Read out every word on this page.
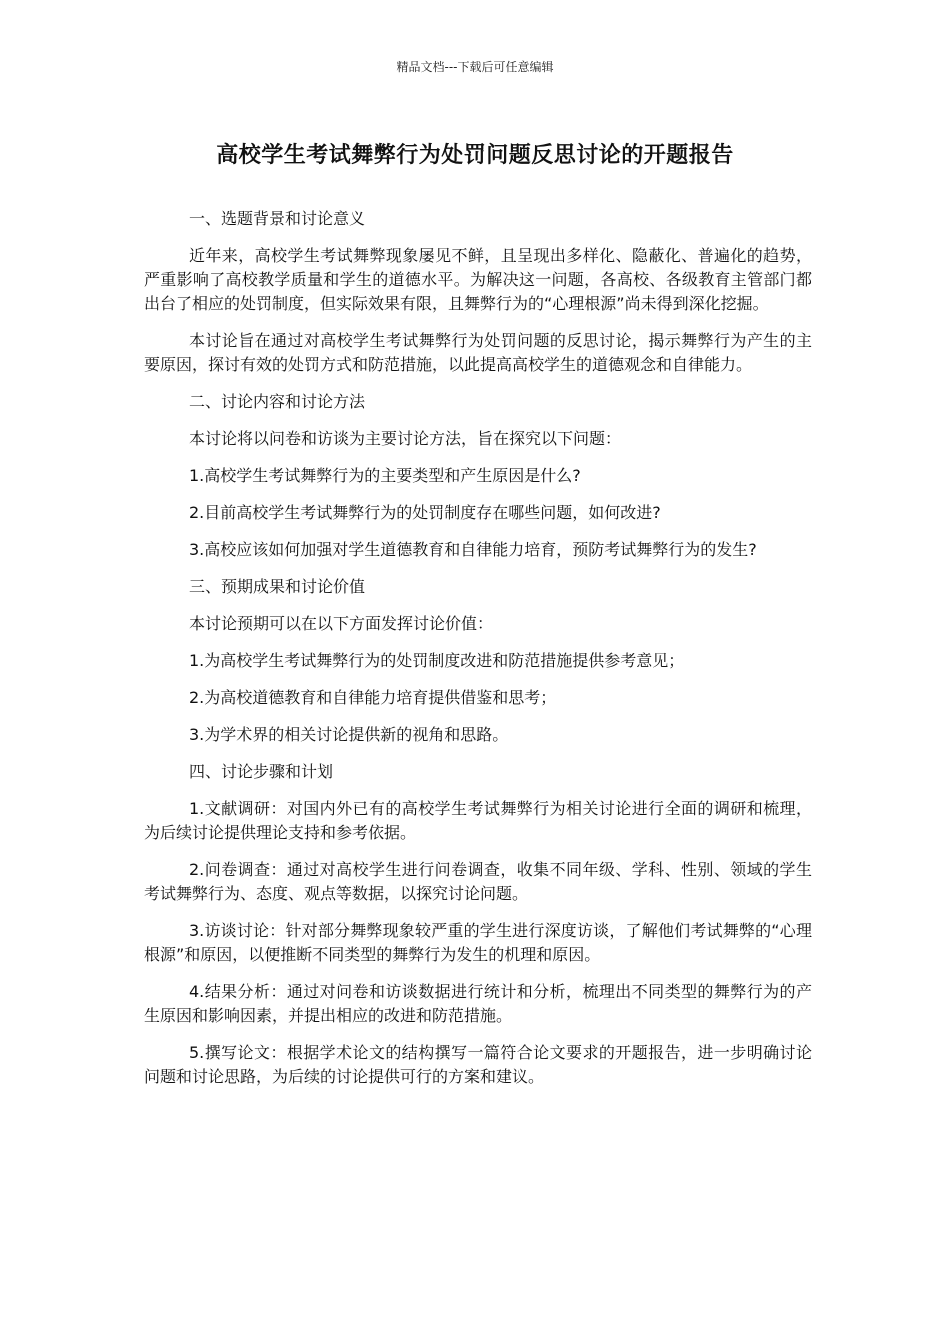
精品文档---下载后可任意编辑
高校学生考试舞弊行为处罚问题反思讨论的开题报告
一、选题背景和讨论意义
近年来，高校学生考试舞弊现象屡见不鲜，且呈现出多样化、隐蔽化、普遍化的趋势，严重影响了高校教学质量和学生的道德水平。为解决这一问题，各高校、各级教育主管部门都出台了相应的处罚制度，但实际效果有限，且舞弊行为的“心理根源”尚未得到深化挖掘。
本讨论旨在通过对高校学生考试舞弊行为处罚问题的反思讨论，揭示舞弊行为产生的主要原因，探讨有效的处罚方式和防范措施，以此提高高校学生的道德观念和自律能力。
二、讨论内容和讨论方法
本讨论将以问卷和访谈为主要讨论方法，旨在探究以下问题：
1.高校学生考试舞弊行为的主要类型和产生原因是什么?
2.目前高校学生考试舞弊行为的处罚制度存在哪些问题，如何改进?
3.高校应该如何加强对学生道德教育和自律能力培育，预防考试舞弊行为的发生?
三、预期成果和讨论价值
本讨论预期可以在以下方面发挥讨论价值：
1.为高校学生考试舞弊行为的处罚制度改进和防范措施提供参考意见；
2.为高校道德教育和自律能力培育提供借鉴和思考；
3.为学术界的相关讨论提供新的视角和思路。
四、讨论步骤和计划
1.文献调研：对国内外已有的高校学生考试舞弊行为相关讨论进行全面的调研和梳理，为后续讨论提供理论支持和参考依据。
2.问卷调查：通过对高校学生进行问卷调查，收集不同年级、学科、性别、领域的学生考试舞弊行为、态度、观点等数据，以探究讨论问题。
3.访谈讨论：针对部分舞弊现象较严重的学生进行深度访谈，了解他们考试舞弊的“心理根源”和原因，以便推断不同类型的舞弊行为发生的机理和原因。
4.结果分析：通过对问卷和访谈数据进行统计和分析，梳理出不同类型的舞弊行为的产生原因和影响因素，并提出相应的改进和防范措施。
5.撰写论文：根据学术论文的结构撰写一篇符合论文要求的开题报告，进一步明确讨论问题和讨论思路，为后续的讨论提供可行的方案和建议。
